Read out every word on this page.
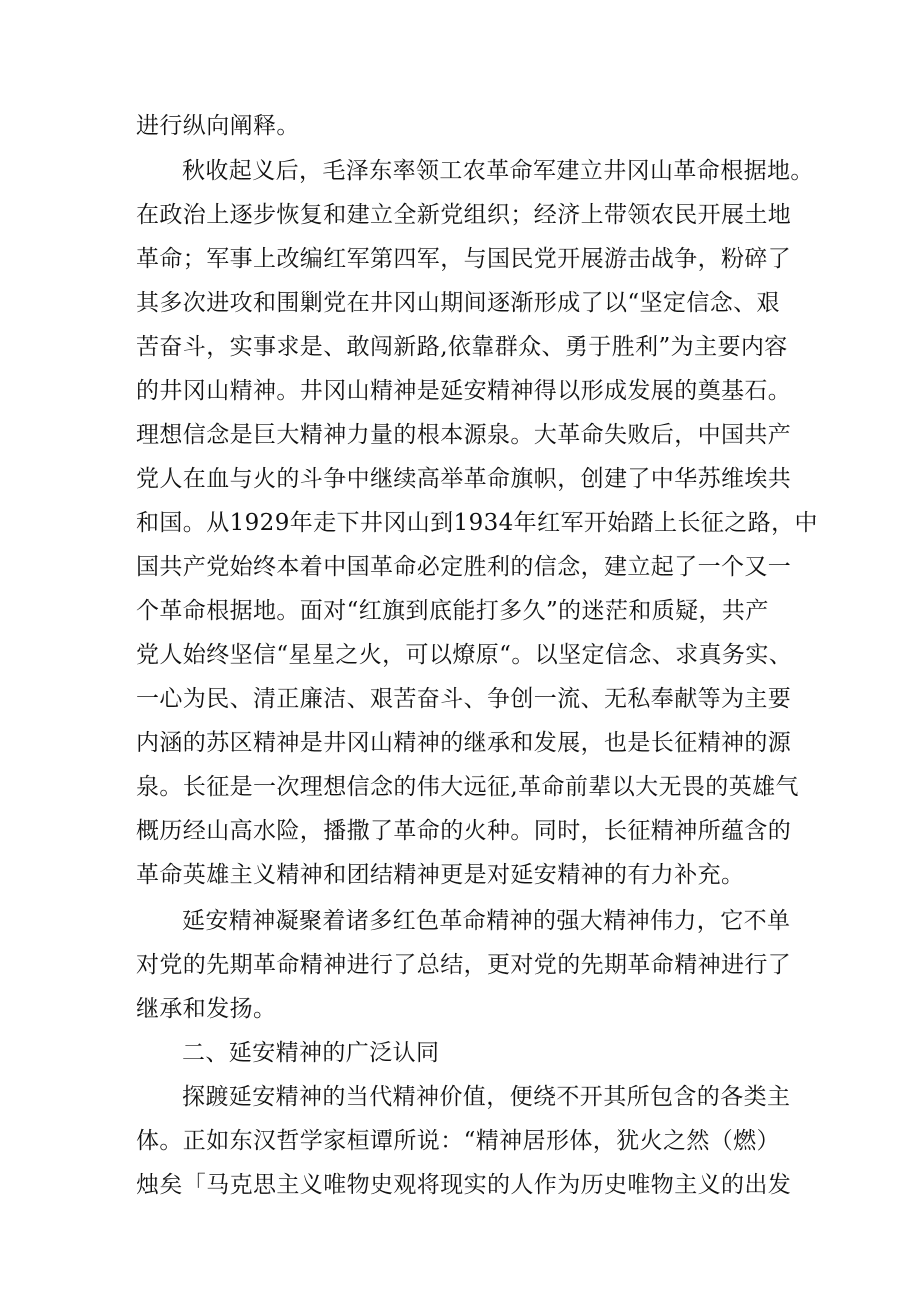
进行纵向阐释。
秋收起义后，毛泽东率领工农革命军建立井冈山革命根据地。
在政治上逐步恢复和建立全新党组织；经济上带领农民开展土地
革命；军事上改编红军第四军，与国民党开展游击战争，粉碎了
其多次进攻和围剿党在井冈山期间逐渐形成了以“坚定信念、艰
苦奋斗，实事求是、敢闯新路,依靠群众、勇于胜利”为主要内容
的井冈山精神。井冈山精神是延安精神得以形成发展的奠基石。
理想信念是巨大精神力量的根本源泉。大革命失败后，中国共产
党人在血与火的斗争中继续高举革命旗帜，创建了中华苏维埃共
和国。从1929年走下井冈山到1934年红军开始踏上长征之路，中
国共产党始终本着中国革命必定胜利的信念，建立起了一个又一
个革命根据地。面对“红旗到底能打多久”的迷茫和质疑，共产
党人始终坚信“星星之火，可以燎原“。以坚定信念、求真务实、
一心为民、清正廉洁、艰苦奋斗、争创一流、无私奉献等为主要
内涵的苏区精神是井冈山精神的继承和发展，也是长征精神的源
泉。长征是一次理想信念的伟大远征,革命前辈以大无畏的英雄气
概历经山高水险，播撒了革命的火种。同时，长征精神所蕴含的
革命英雄主义精神和团结精神更是对延安精神的有力补充。
延安精神凝聚着诸多红色革命精神的强大精神伟力，它不单
对党的先期革命精神进行了总结，更对党的先期革命精神进行了
继承和发扬。
二、延安精神的广泛认同
探踱延安精神的当代精神价值，便绕不开其所包含的各类主
体。正如东汉哲学家桓谭所说：“精神居形体，犹火之然（燃）
烛矣「马克思主义唯物史观将现实的人作为历史唯物主义的出发
